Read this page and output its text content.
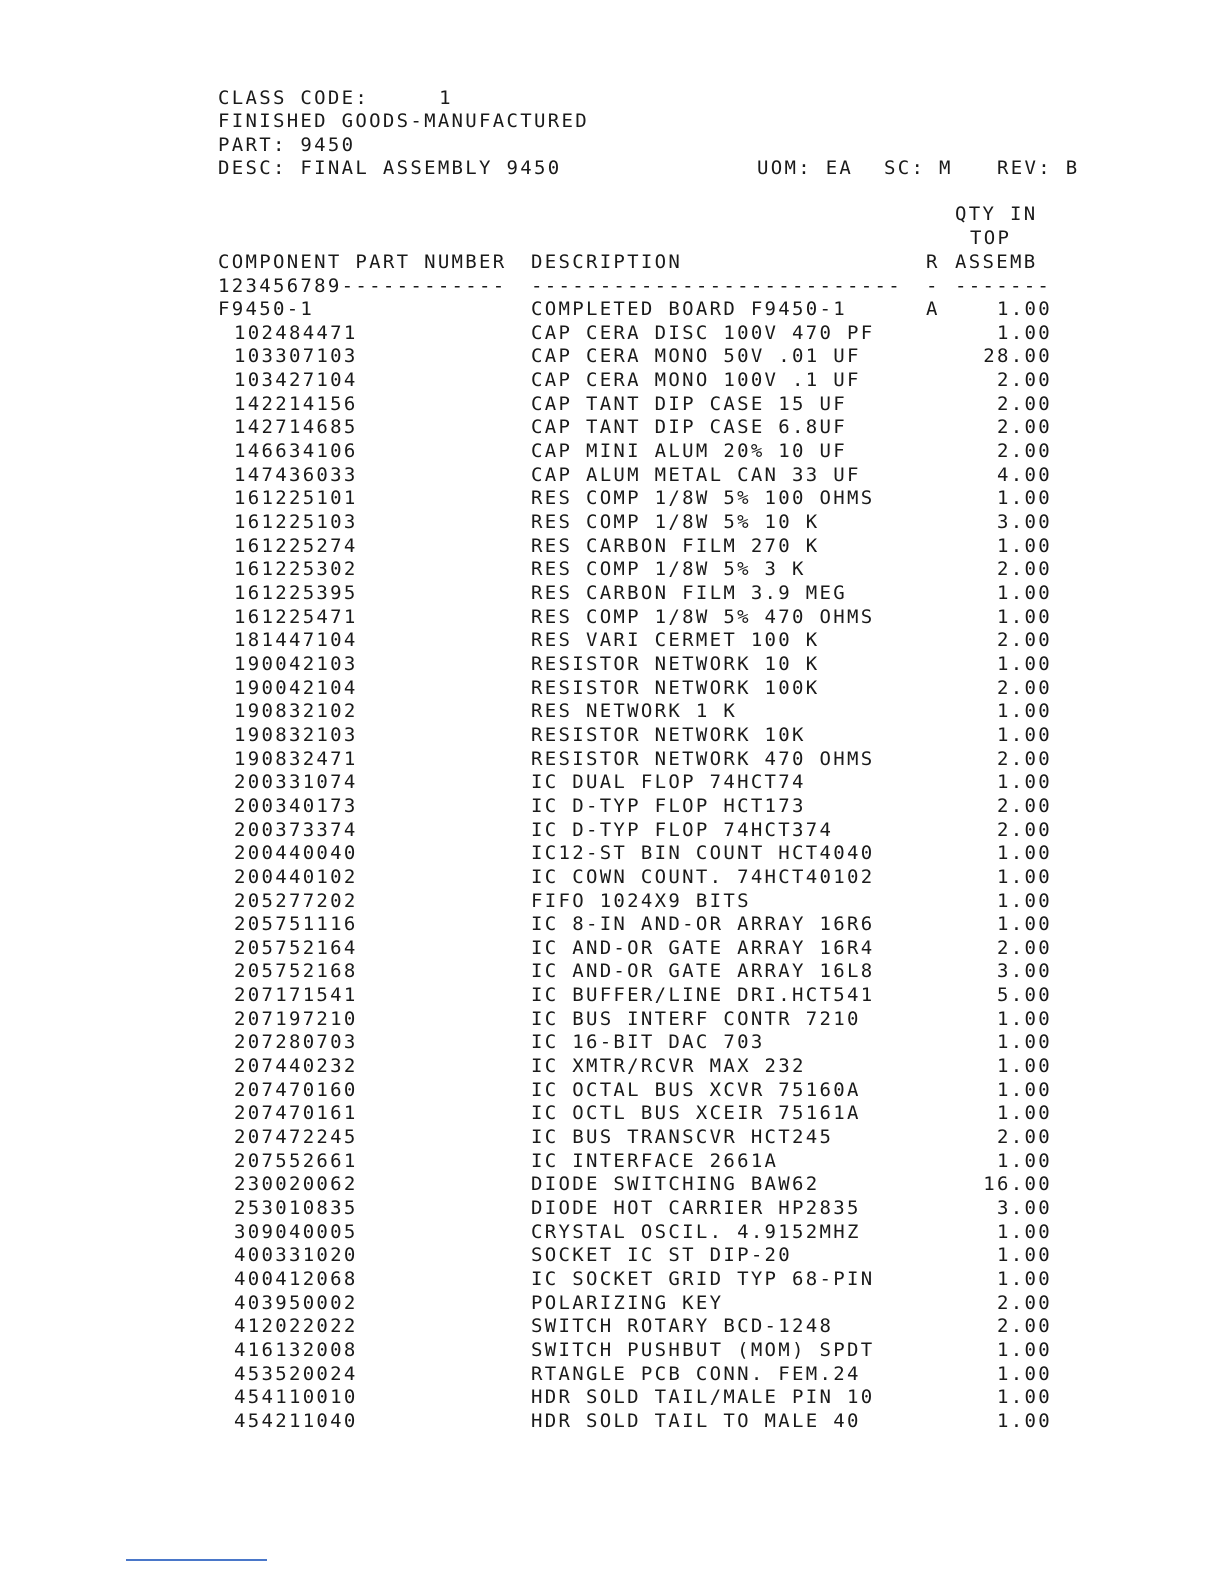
CLASS CODE:	1
FINISHED GOODS-MANUFACTURED
PART: 9450
DESC: FINAL ASSEMBLY 9450	UOM: EA SC: M REV: B
QTY IN
TOP
COMPONENT PART NUMBER DESCRIPTION	R ASSEMB
123456789------------ --------------------------- - -------
F9450-1	COMPLETED BOARD F9450-1	A	1.00
102484471	CAP CERA DISC 100V 470 PF	1.00
103307103	CAP CERA MONO 50V .01 UF	28.00
103427104	CAP CERA MONO 100V .1 UF	2.00
142214156	CAP TANT DIP CASE 15 UF	2.00
142714685	CAP TANT DIP CASE 6.8UF	2.00
146634106	CAP MINI ALUM 20% 10 UF	2.00
147436033	CAP ALUM METAL CAN 33 UF	4.00
161225101	RES COMP 1/8W 5% 100 OHMS	1.00
161225103	RES COMP 1/8W 5% 10 K	3.00
161225274	RES CARBON FILM 270 K	1.00
161225302	RES COMP 1/8W 5% 3 K	2.00
161225395	RES CARBON FILM 3.9 MEG	1.00
161225471	RES COMP 1/8W 5% 470 OHMS	1.00
181447104	RES VARI CERMET 100 K	2.00
190042103	RESISTOR NETWORK 10 K	1.00
190042104	RESISTOR NETWORK 100K	2.00
190832102	RES NETWORK 1 K	1.00
190832103	RESISTOR NETWORK 10K	1.00
190832471	RESISTOR NETWORK 470 OHMS	2.00
200331074	IC DUAL FLOP 74HCT74	1.00
200340173	IC D-TYP FLOP HCT173	2.00
200373374	IC D-TYP FLOP 74HCT374	2.00
200440040	IC12-ST BIN COUNT HCT4040	1.00
200440102	IC COWN COUNT. 74HCT40102	1.00
205277202	FIFO 1024X9 BITS	1.00
205751116	IC 8-IN AND-OR ARRAY 16R6	1.00
205752164	IC AND-OR GATE ARRAY 16R4	2.00
205752168	IC AND-OR GATE ARRAY 16L8	3.00
207171541	IC BUFFER/LINE DRI.HCT541	5.00
207197210	IC BUS INTERF CONTR 7210	1.00
207280703	IC 16-BIT DAC 703	1.00
207440232	IC XMTR/RCVR MAX 232	1.00
207470160	IC OCTAL BUS XCVR 75160A	1.00
207470161	IC OCTL BUS XCEIR 75161A	1.00
207472245	IC BUS TRANSCVR HCT245	2.00
207552661	IC INTERFACE 2661A	1.00
230020062	DIODE SWITCHING BAW62	16.00
253010835	DIODE HOT CARRIER HP2835	3.00
309040005	CRYSTAL OSCIL. 4.9152MHZ	1.00
400331020	SOCKET IC ST DIP-20	1.00
400412068	IC SOCKET GRID TYP 68-PIN	1.00
403950002	POLARIZING KEY	2.00
412022022	SWITCH ROTARY BCD-1248	2.00
416132008	SWITCH PUSHBUT (MOM) SPDT	1.00
453520024	RTANGLE PCB CONN. FEM.24	1.00
454110010	HDR SOLD TAIL/MALE PIN 10	1.00
454211040	HDR SOLD TAIL TO MALE 40	1.00
